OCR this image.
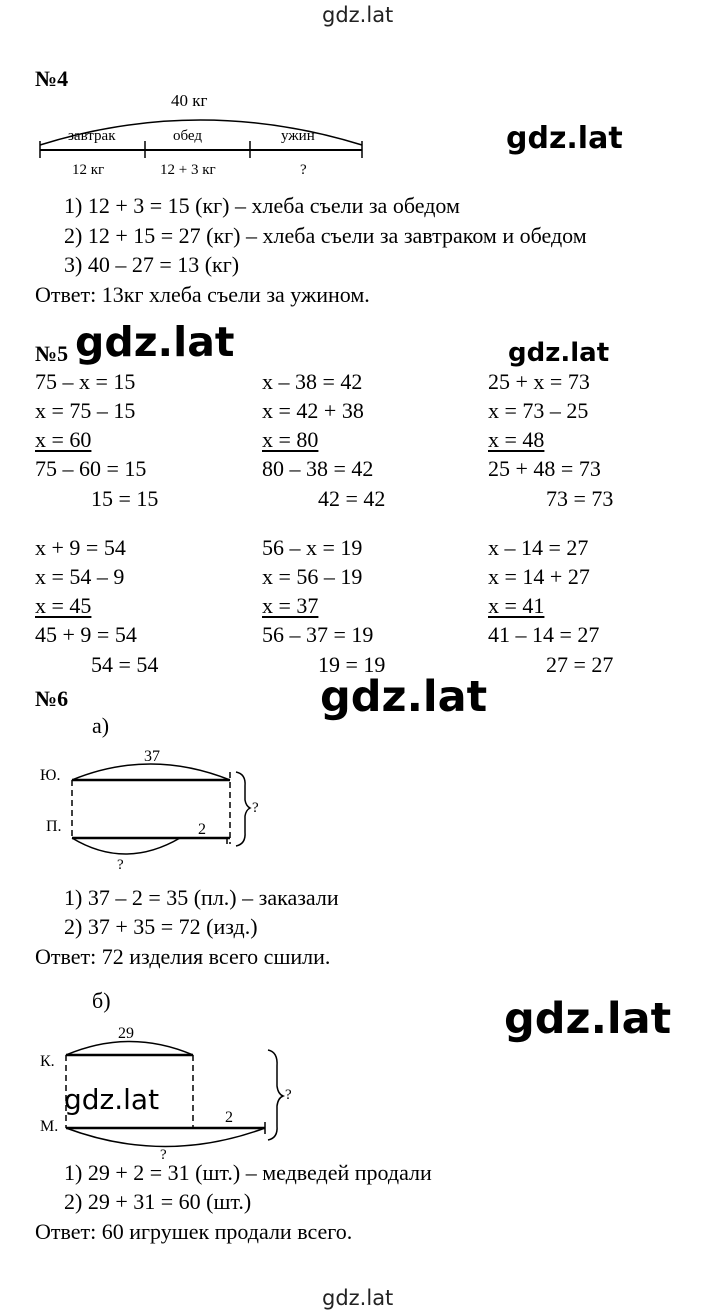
gdz.lat
gdz.lat
№4
40 кг
завтрак	обед	ужин
12 кг	12 + 3 кг	?
gdz.lat
1) 12 + 3 = 15 (кг) – хлеба съели за обедом
2) 12 + 15 = 27 (кг) – хлеба съели за завтраком и обедом
3) 40 – 27 = 13 (кг)
Ответ: 13кг хлеба съели за ужином.
№5 gdz.lat	gdz.lat
75 – x = 15
x = 75 – 15
x = 60
75 – 60 = 15
15 = 15
x – 38 = 42
x = 42 + 38
x = 80
80 – 38 = 42
42 = 42
25 + x = 73
x = 73 – 25
x = 48
25 + 48 = 73
73 = 73
x + 9 = 54
x = 54 – 9
x = 45
45 + 9 = 54
54 = 54
56 – x = 19
x = 56 – 19
x = 37
56 – 37 = 19
19 = 19
x – 14 = 27
x = 14 + 27
x = 41
41 – 14 = 27
27 = 27
№6	gdz.lat
а)
37
Ю.
П.	2
?
?
1) 37 – 2 = 35 (пл.) – заказали
2) 37 + 35 = 72 (изд.)
Ответ: 72 изделия всего сшили.
б)	gdz.lat
29
К.
М.
2
?
?
gdz.lat
1) 29 + 2 = 31 (шт.) – медведей продали
2) 29 + 31 = 60 (шт.)
Ответ: 60 игрушек продали всего.
